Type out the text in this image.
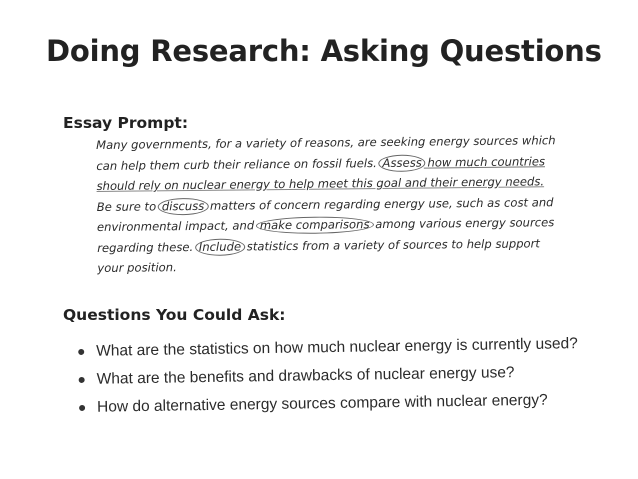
Doing Research: Asking Questions
Essay Prompt:
Many governments, for a variety of reasons, are seeking energy sources which
can help them curb their reliance on fossil fuels. Assess how much countries
should rely on nuclear energy to help meet this goal and their energy needs.
Be sure to discuss matters of concern regarding energy use, such as cost and
environmental impact, and make comparisons among various energy sources
regarding these. Include statistics from a variety of sources to help support
your position.
Questions You Could Ask:
What are the statistics on how much nuclear energy is currently used?
What are the benefits and drawbacks of nuclear energy use?
How do alternative energy sources compare with nuclear energy?
